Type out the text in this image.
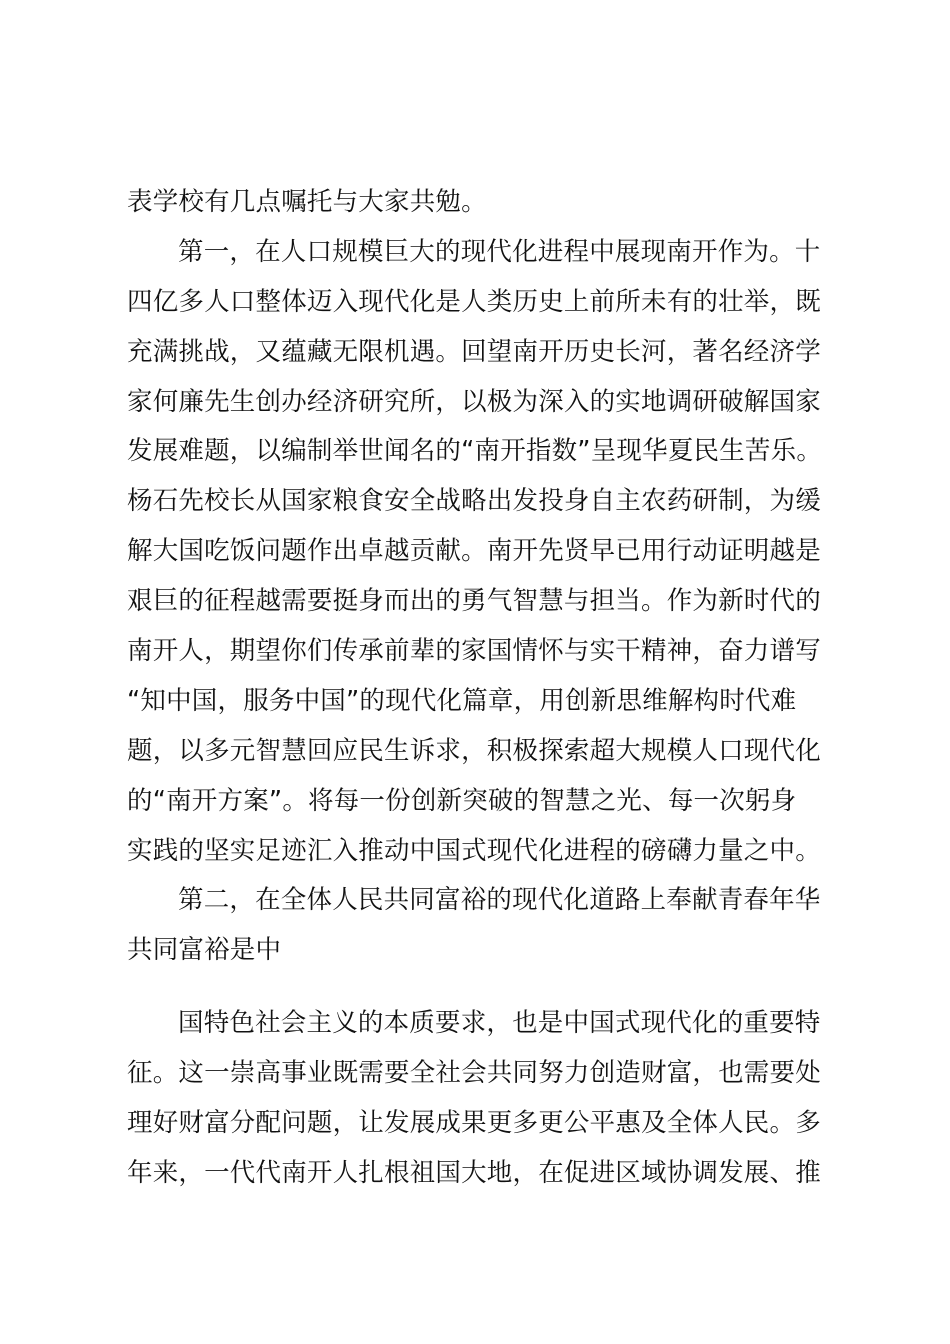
表学校有几点嘱托与大家共勉。
第一，在人口规模巨大的现代化进程中展现南开作为。十
四亿多人口整体迈入现代化是人类历史上前所未有的壮举，既
充满挑战，又蕴藏无限机遇。回望南开历史长河，著名经济学
家何廉先生创办经济研究所，以极为深入的实地调研破解国家
发展难题，以编制举世闻名的“南开指数”呈现华夏民生苦乐。
杨石先校长从国家粮食安全战略出发投身自主农药研制，为缓
解大国吃饭问题作出卓越贡献。南开先贤早已用行动证明越是
艰巨的征程越需要挺身而出的勇气智慧与担当。作为新时代的
南开人，期望你们传承前辈的家国情怀与实干精神，奋力谱写
“知中国，服务中国”的现代化篇章，用创新思维解构时代难
题，以多元智慧回应民生诉求，积极探索超大规模人口现代化
的“南开方案”。将每一份创新突破的智慧之光、每一次躬身
实践的坚实足迹汇入推动中国式现代化进程的磅礴力量之中。
第二，在全体人民共同富裕的现代化道路上奉献青春年华
共同富裕是中
国特色社会主义的本质要求，也是中国式现代化的重要特
征。这一崇高事业既需要全社会共同努力创造财富，也需要处
理好财富分配问题，让发展成果更多更公平惠及全体人民。多
年来，一代代南开人扎根祖国大地，在促进区域协调发展、推
